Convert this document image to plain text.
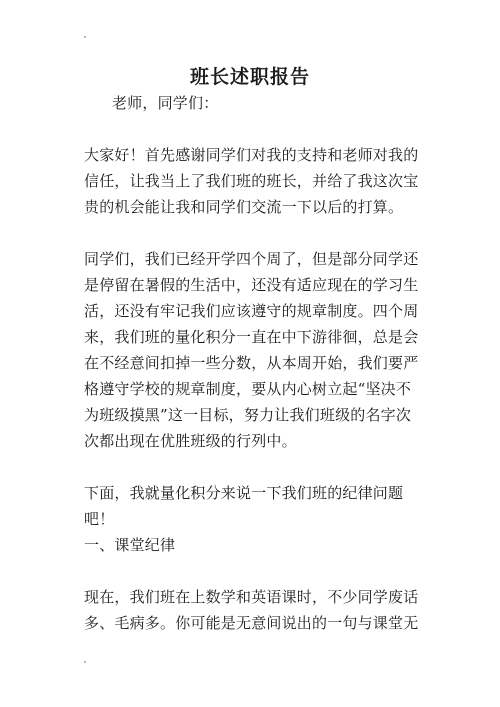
班长述职报告
老师，同学们：
大家好！首先感谢同学们对我的支持和老师对我的信任，让我当上了我们班的班长，并给了我这次宝贵的机会能让我和同学们交流一下以后的打算。
同学们，我们已经开学四个周了，但是部分同学还是停留在暑假的生活中，还没有适应现在的学习生活，还没有牢记我们应该遵守的规章制度。四个周来，我们班的量化积分一直在中下游徘徊，总是会在不经意间扣掉一些分数，从本周开始，我们要严格遵守学校的规章制度，要从内心树立起“坚决不为班级摸黑”这一目标，努力让我们班级的名字次次都出现在优胜班级的行列中。
下面，我就量化积分来说一下我们班的纪律问题吧！
一、课堂纪律
现在，我们班在上数学和英语课时，不少同学废话多、毛病多。你可能是无意间说出的一句与课堂无
